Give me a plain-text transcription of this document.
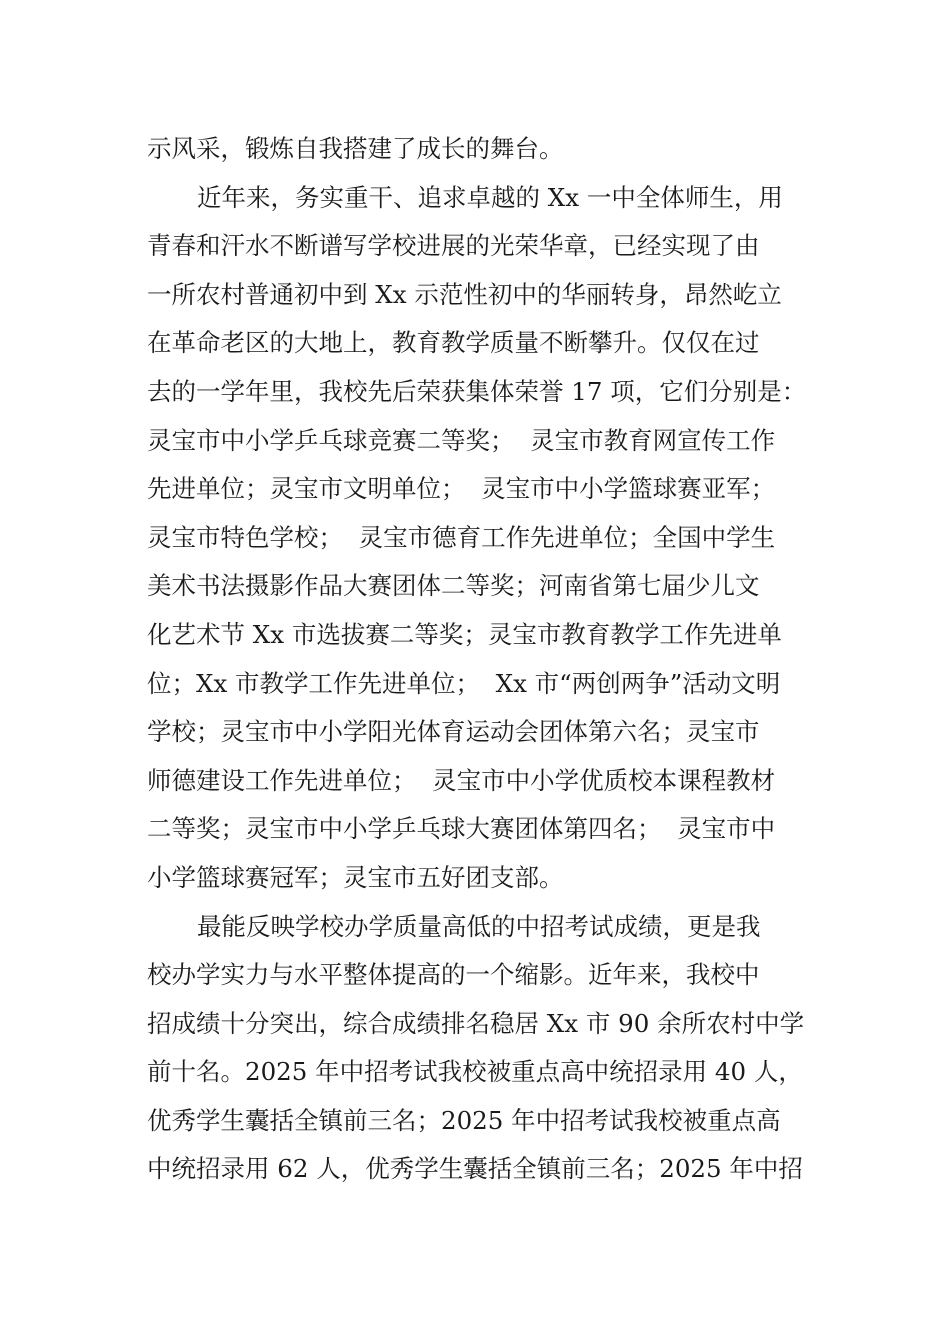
示风采，锻炼自我搭建了成长的舞台。
近年来，务实重干、追求卓越的 Xx 一中全体师生，用
青春和汗水不断谱写学校进展的光荣华章，已经实现了由
一所农村普通初中到 Xx 示范性初中的华丽转身，昂然屹立
在革命老区的大地上，教育教学质量不断攀升。仅仅在过
去的一学年里，我校先后荣获集体荣誉 17 项，它们分别是：
灵宝市中小学乒乓球竞赛二等奖；  灵宝市教育网宣传工作
先进单位；灵宝市文明单位；  灵宝市中小学篮球赛亚军；
灵宝市特色学校；  灵宝市德育工作先进单位；全国中学生
美术书法摄影作品大赛团体二等奖；河南省第七届少儿文
化艺术节 Xx 市选拔赛二等奖；灵宝市教育教学工作先进单
位；Xx 市教学工作先进单位；  Xx 市“两创两争”活动文明
学校；灵宝市中小学阳光体育运动会团体第六名；灵宝市
师德建设工作先进单位；  灵宝市中小学优质校本课程教材
二等奖；灵宝市中小学乒乓球大赛团体第四名；  灵宝市中
小学篮球赛冠军；灵宝市五好团支部。
最能反映学校办学质量高低的中招考试成绩，更是我
校办学实力与水平整体提高的一个缩影。近年来，我校中
招成绩十分突出，综合成绩排名稳居 Xx 市 90 余所农村中学
前十名。2025 年中招考试我校被重点高中统招录用 40 人，
优秀学生囊括全镇前三名；2025 年中招考试我校被重点高
中统招录用 62 人，优秀学生囊括全镇前三名；2025 年中招
